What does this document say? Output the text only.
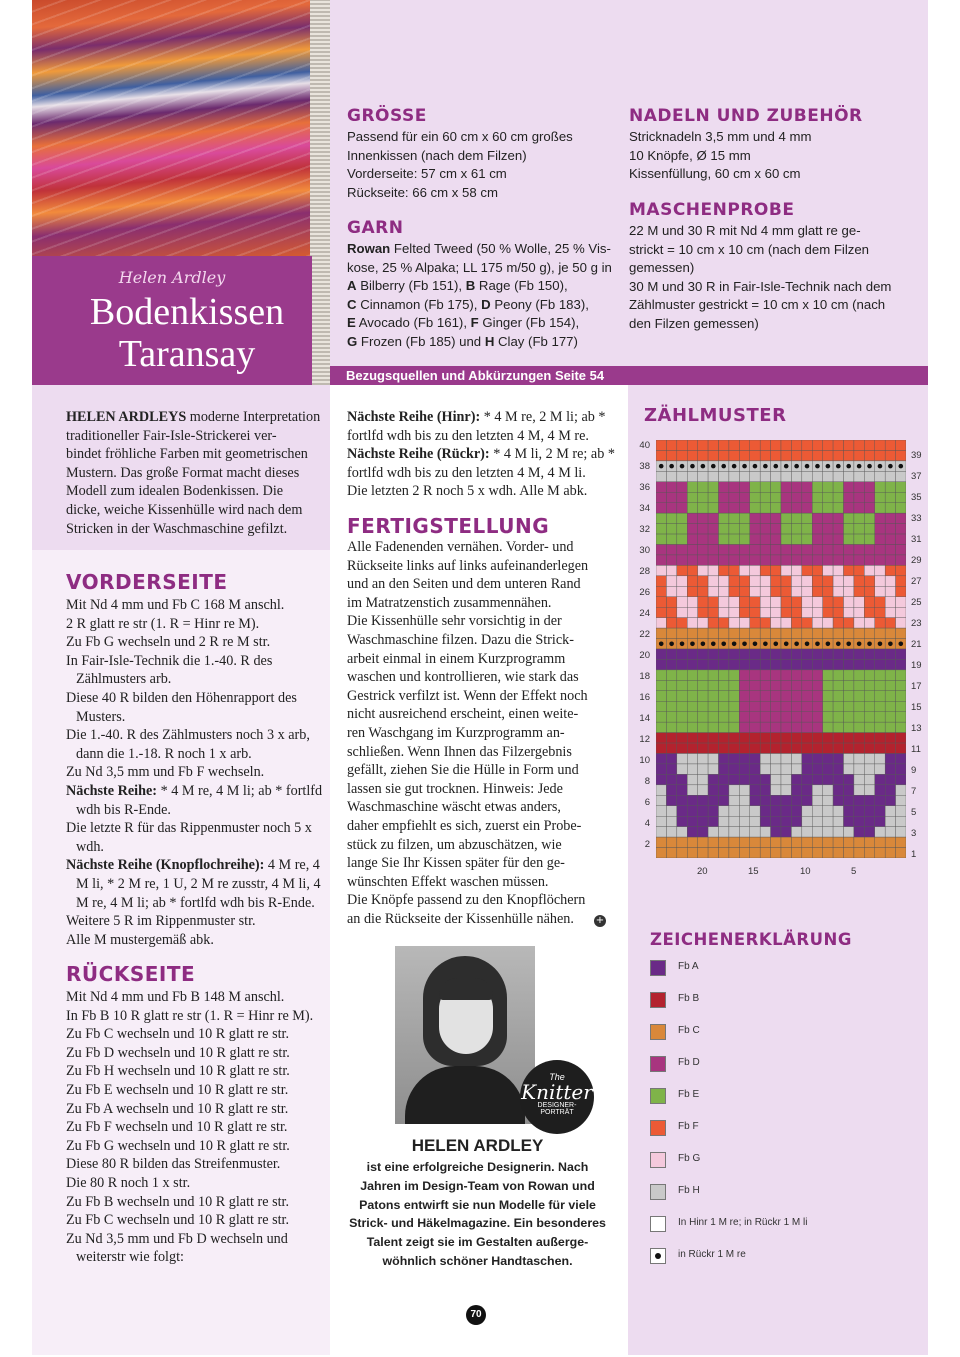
Helen Ardley
Bodenkissen
Taransay
Bezugsquellen und Abkürzungen Seite 54
GRÖSSE
Passend für ein 60 cm x 60 cm großes
Innenkissen (nach dem Filzen)
Vorderseite: 57 cm x 61 cm
Rückseite: 66 cm x 58 cm
GARN
Rowan Felted Tweed (50 % Wolle, 25 % Vis-
kose, 25 % Alpaka; LL 175 m/50 g), je 50 g in
A Bilberry (Fb 151), B Rage (Fb 150),
C Cinnamon (Fb 175), D Peony (Fb 183),
E Avocado (Fb 161), F Ginger (Fb 154),
G Frozen (Fb 185) und H Clay (Fb 177)
NADELN UND ZUBEHÖR
Stricknadeln 3,5 mm und 4 mm
10 Knöpfe, Ø 15 mm
Kissenfüllung, 60 cm x 60 cm
MASCHENPROBE
22 M und 30 R mit Nd 4 mm glatt re ge-
strickt = 10 cm x 10 cm (nach dem Filzen
gemessen)
30 M und 30 R in Fair-Isle-Technik nach dem
Zählmuster gestrickt = 10 cm x 10 cm (nach
den Filzen gemessen)
HELEN ARDLEYS moderne Interpretation
traditioneller Fair-Isle-Strickerei ver-
bindet fröhliche Farben mit geometrischen
Mustern. Das große Format macht dieses
Modell zum idealen Bodenkissen. Die
dicke, weiche Kissenhülle wird nach dem
Stricken in der Waschmaschine gefilzt.
VORDERSEITE

Mit Nd 4 mm und Fb C 168 M anschl.

2 R glatt re str (1. R = Hinr re M).

Zu Fb G wechseln und 2 R re M str.

In Fair-Isle-Technik die 1.-40. R des Zählmusters arb.

Diese 40 R bilden den Höhenrapport des Musters.

Die 1.-40. R des Zählmusters noch 3 x arb, dann die 1.-18. R noch 1 x arb.

Zu Nd 3,5 mm und Fb F wechseln.

Nächste Reihe: * 4 M re, 4 M li; ab * fortlfd wdh bis R-Ende.

Die letzte R für das Rippenmuster noch 5 x wdh.

Nächste Reihe (Knopflochreihe): 4 M re, 4 M li, * 2 M re, 1 U, 2 M re zusstr, 4 M li, 4 M re, 4 M li; ab * fortlfd wdh bis R-Ende.

Weitere 5 R im Rippenmuster str.

Alle M mustergemäß abk.

RÜCKSEITE

Mit Nd 4 mm und Fb B 148 M anschl.

In Fb B 10 R glatt re str (1. R = Hinr re M).

Zu Fb C wechseln und 10 R glatt re str.

Zu Fb D wechseln und 10 R glatt re str.

Zu Fb H wechseln und 10 R glatt re str.

Zu Fb E wechseln und 10 R glatt re str.

Zu Fb A wechseln und 10 R glatt re str.

Zu Fb F wechseln und 10 R glatt re str.

Zu Fb G wechseln und 10 R glatt re str.

Diese 80 R bilden das Streifenmuster.

Die 80 R noch 1 x str.

Zu Fb B wechseln und 10 R glatt re str.

Zu Fb C wechseln und 10 R glatt re str.

Zu Nd 3,5 mm und Fb D wechseln und weiterstr wie folgt:

Nächste Reihe (Hinr): * 4 M re, 2 M li; ab * fortlfd wdh bis zu den letzten 4 M, 4 M re.

Nächste Reihe (Rückr): * 4 M li, 2 M re; ab * fortlfd wdh bis zu den letzten 4 M, 4 M li.

Die letzten 2 R noch 5 x wdh. Alle M abk.

FERTIGSTELLUNG
Alle Fadenenden vernähen. Vorder- und
Rückseite links auf links aufeinanderlegen
und an den Seiten und dem unteren Rand
im Matratzenstich zusammennähen.
Die Kissenhülle sehr vorsichtig in der
Waschmaschine filzen. Dazu die Strick-
arbeit einmal in einem Kurzprogramm
waschen und kontrollieren, wie stark das
Gestrick verfilzt ist. Wenn der Effekt noch
nicht ausreichend erscheint, einen weite-
ren Waschgang im Kurzprogramm an-
schließen. Wenn Ihnen das Filzergebnis
gefällt, ziehen Sie die Hülle in Form und
lassen sie gut trocknen. Hinweis: Jede
Waschmaschine wäscht etwas anders,
daher empfiehlt es sich, zuerst ein Probe-
stück zu filzen, um abzuschätzen, wie
lange Sie Ihr Kissen später für den ge-
wünschten Effekt waschen müssen.
Die Knöpfe passend zu den Knopflöchern
an die Rückseite der Kissenhülle nähen.	+
The
Knitter
DESIGNER-
PORTRÄT
HELEN ARDLEY
ist eine erfolgreiche Designerin. Nach
Jahren im Design-Team von Rowan und
Patons entwirft sie nun Modelle für viele
Strick- und Häkelmagazine. Ein besonderes
Talent zeigt sie im Gestalten außerge-
wöhnlich schöner Handtaschen.
ZÄHLMUSTER
40
38
36
34
32
30
28
26
24
22
20
18
16
14
12
10
8
6
4
2
39
37
35
33
31
29
27
25
23
21
19
17
15
13
11
9
7
5
3
1
20	15	10	5
ZEICHENERKLÄRUNG
Fb A
Fb B
Fb C
Fb D
Fb E
Fb F
Fb G
Fb H
In Hinr 1 M re; in Rückr 1 M li
in Rückr 1 M re
70
